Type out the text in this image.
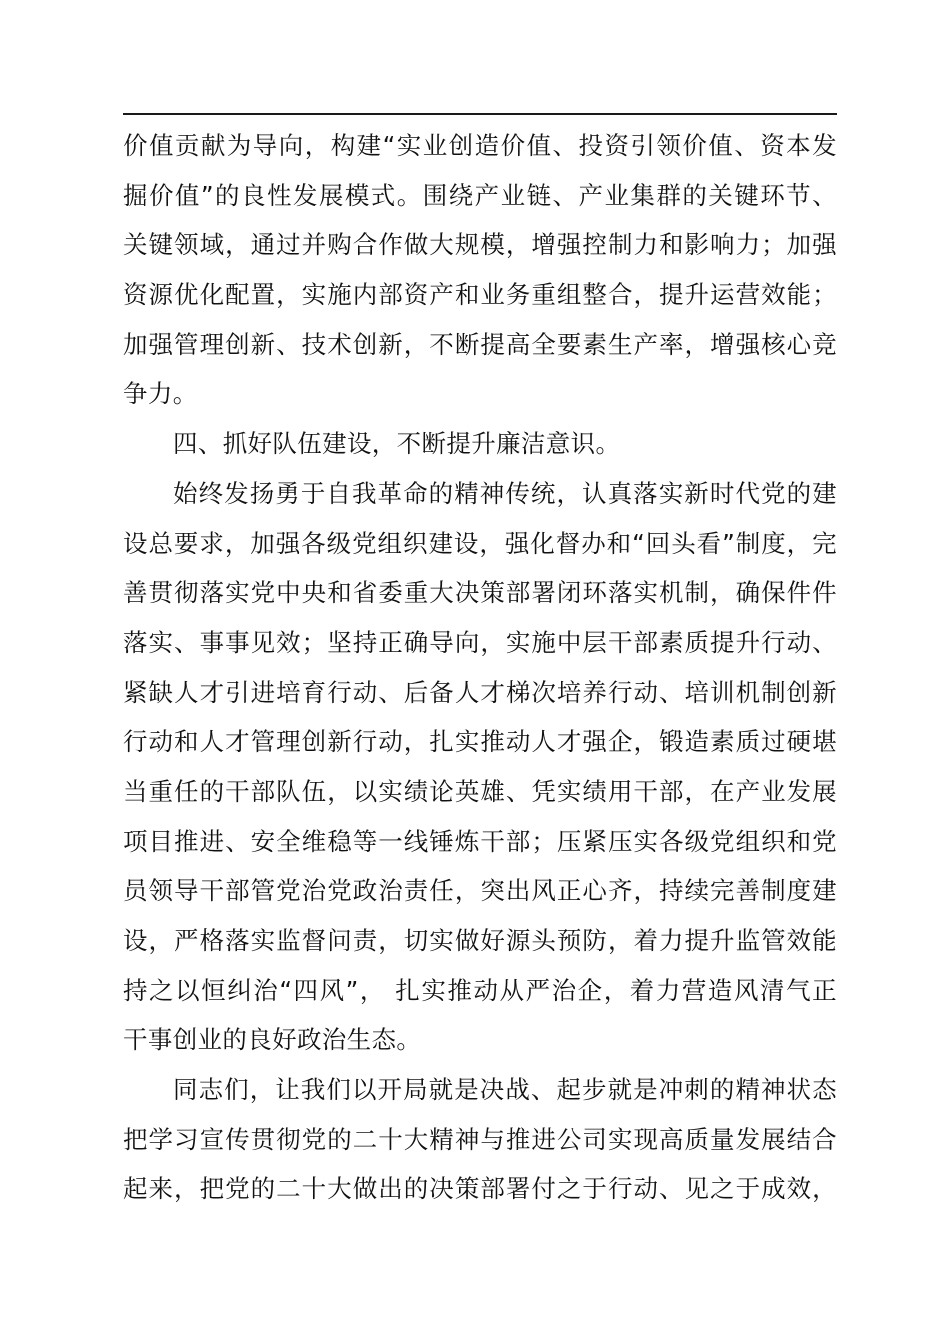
价值贡献为导向，构建“实业创造价值、投资引领价值、资本发
掘价值”的良性发展模式。围绕产业链、产业集群的关键环节、
关键领域，通过并购合作做大规模，增强控制力和影响力；加强
资源优化配置，实施内部资产和业务重组整合，提升运营效能；
加强管理创新、技术创新，不断提高全要素生产率，增强核心竞
争力。
四、抓好队伍建设，不断提升廉洁意识。
始终发扬勇于自我革命的精神传统，认真落实新时代党的建
设总要求，加强各级党组织建设，强化督办和“回头看”制度，完
善贯彻落实党中央和省委重大决策部署闭环落实机制，确保件件
落实、事事见效；坚持正确导向，实施中层干部素质提升行动、
紧缺人才引进培育行动、后备人才梯次培养行动、培训机制创新
行动和人才管理创新行动，扎实推动人才强企，锻造素质过硬堪
当重任的干部队伍，以实绩论英雄、凭实绩用干部，在产业发展
项目推进、安全维稳等一线锤炼干部；压紧压实各级党组织和党
员领导干部管党治党政治责任，突出风正心齐，持续完善制度建
设，严格落实监督问责，切实做好源头预防，着力提升监管效能
持之以恒纠治“四风”， 扎实推动从严治企，着力营造风清气正
干事创业的良好政治生态。
同志们，让我们以开局就是决战、起步就是冲刺的精神状态
把学习宣传贯彻党的二十大精神与推进公司实现高质量发展结合
起来，把党的二十大做出的决策部署付之于行动、见之于成效，
